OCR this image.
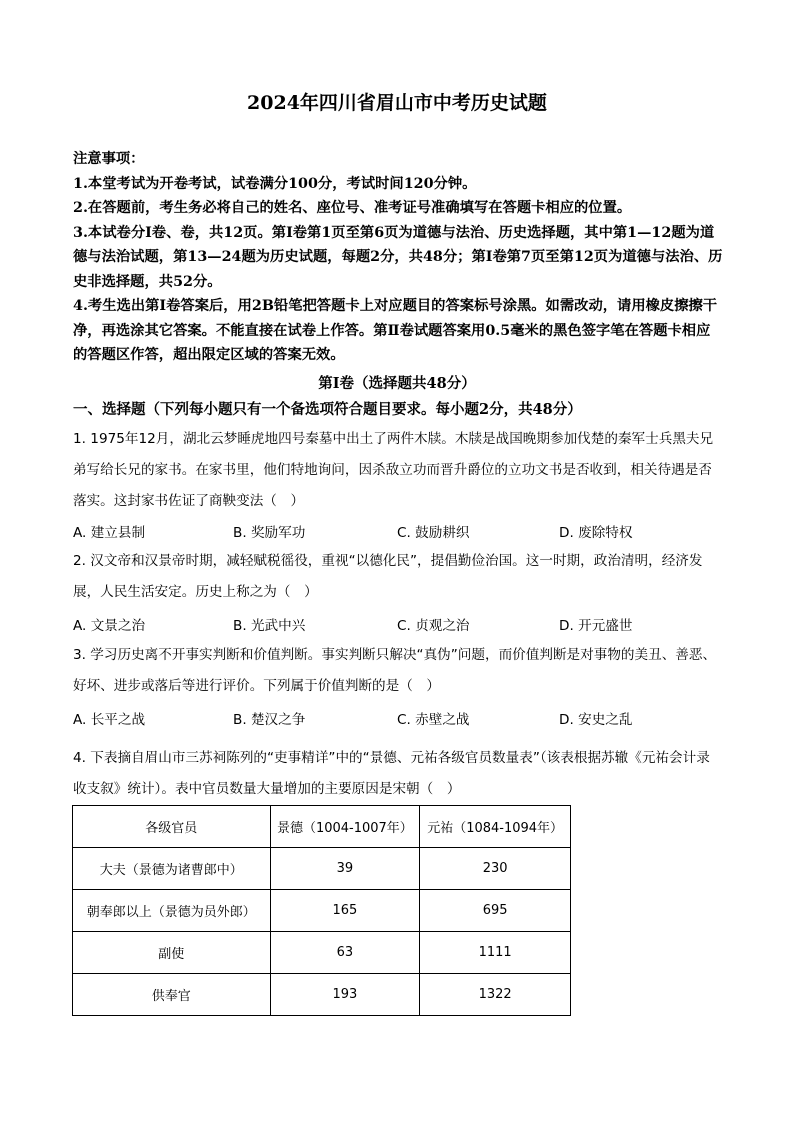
2024年四川省眉山市中考历史试题

注意事项：

1.本堂考试为开卷考试，试卷满分100分，考试时间120分钟。

2.在答题前，考生务必将自己的姓名、座位号、准考证号准确填写在答题卡相应的位置。

3.本试卷分Ⅰ卷、卷，共12页。第Ⅰ卷第1页至第6页为道德与法治、历史选择题，其中第1—12题为道德与法治试题，第13—24题为历史试题，每题2分，共48分；第Ⅰ卷第7页至第12页为道德与法治、历史非选择题，共52分。

4.考生选出第Ⅰ卷答案后，用2B铅笔把答题卡上对应题目的答案标号涂黑。如需改动，请用橡皮擦擦干净，再选涂其它答案。不能直接在试卷上作答。第Ⅱ卷试题答案用0.5毫米的黑色签字笔在答题卡相应的答题区作答，超出限定区域的答案无效。

第Ⅰ卷（选择题共48分）
一、选择题（下列每小题只有一个备选项符合题目要求。每小题2分，共48分）

1. 1975年12月，湖北云梦睡虎地四号秦墓中出土了两件木牍。木牍是战国晚期参加伐楚的秦军士兵黑夫兄弟写给长兄的家书。在家书里，他们特地询问，因杀敌立功而晋升爵位的立功文书是否收到，相关待遇是否落实。这封家书佐证了商鞅变法（　）

A. 建立县制	B. 奖励军功	C. 鼓励耕织	D. 废除特权

2. 汉文帝和汉景帝时期，减轻赋税徭役，重视“以德化民”，提倡勤俭治国。这一时期，政治清明，经济发展，人民生活安定。历史上称之为（　）

A. 文景之治	B. 光武中兴	C. 贞观之治	D. 开元盛世

3. 学习历史离不开事实判断和价值判断。事实判断只解决“真伪”问题，而价值判断是对事物的美丑、善恶、好坏、进步或落后等进行评价。下列属于价值判断的是（　）

A. 长平之战	B. 楚汉之争	C. 赤壁之战	D. 安史之乱

4. 下表摘自眉山市三苏祠陈列的“吏事精详”中的“景德、元祐各级官员数量表”（该表根据苏辙《元祐会计录收支叙》统计）。表中官员数量大量增加的主要原因是宋朝（　）

各级官员	景德（1004-1007年）	元祐（1084-1094年）
大夫（景德为诸曹郎中）	39	230
朝奉郎以上（景德为员外郎）	165	695
副使	63	1111
供奉官	193	1322
